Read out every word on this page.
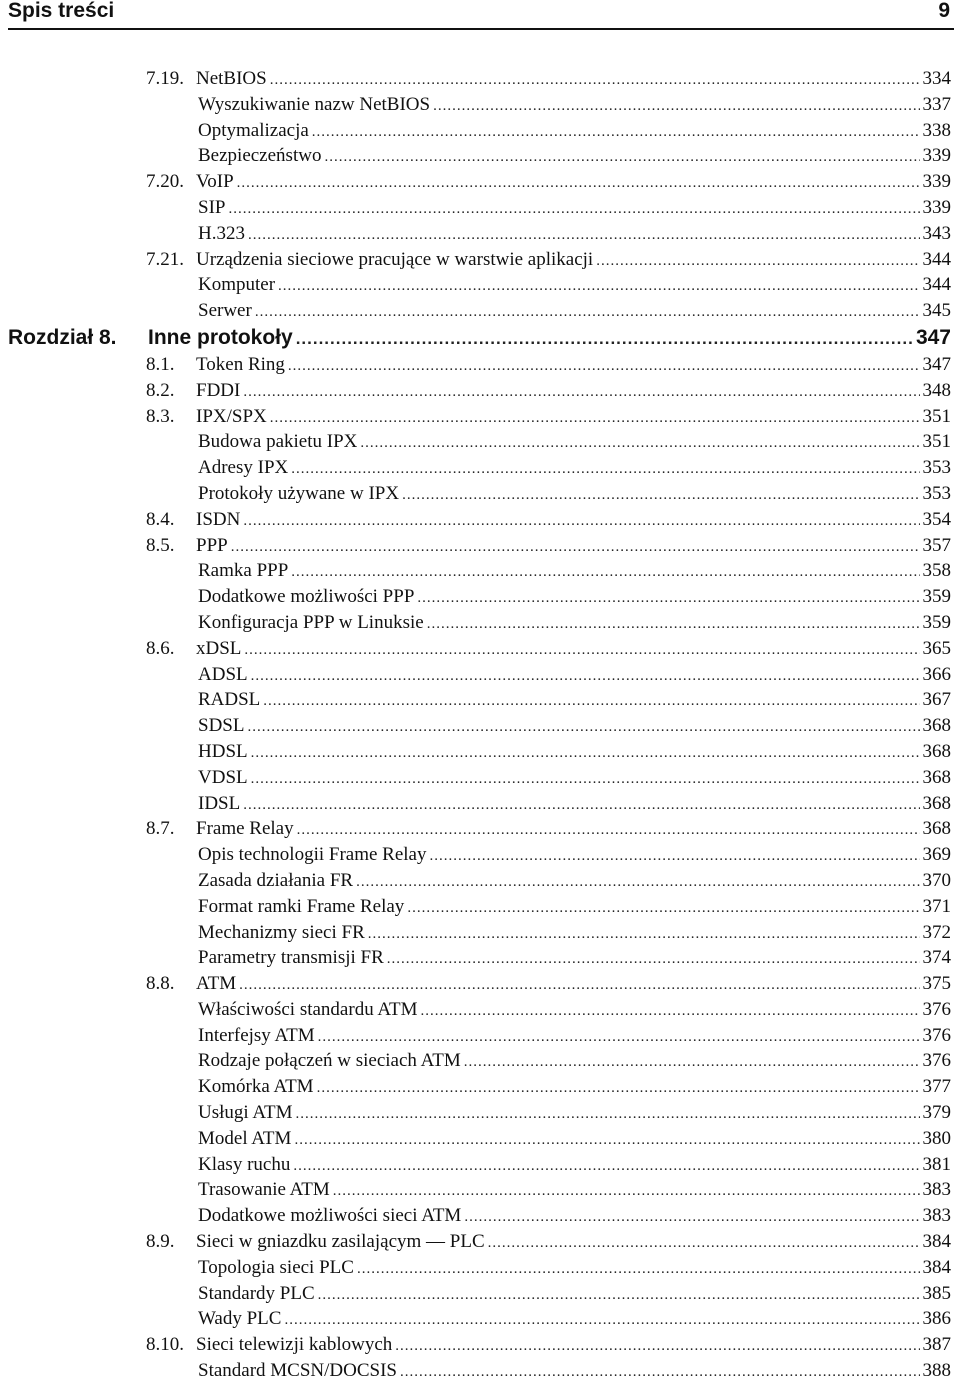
Spis treści	9
7.19. NetBIOS .....	334
Wyszukiwanie nazw NetBIOS .....	337
Optymalizacja .....	338
Bezpieczeństwo .....	339
7.20. VoIP .....	339
SIP .....	339
H.323 .....	343
7.21. Urządzenia sieciowe pracujące w warstwie aplikacji .....	344
Komputer .....	344
Serwer .....	345
Rozdział 8. Inne protokoły .....	347
8.1. Token Ring .....	347
8.2. FDDI .....	348
8.3. IPX/SPX .....	351
Budowa pakietu IPX .....	351
Adresy IPX .....	353
Protokoły używane w IPX .....	353
8.4. ISDN .....	354
8.5. PPP .....	357
Ramka PPP .....	358
Dodatkowe możliwości PPP .....	359
Konfiguracja PPP w Linuksie .....	359
8.6. xDSL .....	365
ADSL .....	366
RADSL .....	367
SDSL .....	368
HDSL .....	368
VDSL .....	368
IDSL .....	368
8.7. Frame Relay .....	368
Opis technologii Frame Relay .....	369
Zasada działania FR .....	370
Format ramki Frame Relay .....	371
Mechanizmy sieci FR .....	372
Parametry transmisji FR .....	374
8.8. ATM .....	375
Właściwości standardu ATM .....	376
Interfejsy ATM .....	376
Rodzaje połączeń w sieciach ATM .....	376
Komórka ATM .....	377
Usługi ATM .....	379
Model ATM .....	380
Klasy ruchu .....	381
Trasowanie ATM .....	383
Dodatkowe możliwości sieci ATM .....	383
8.9. Sieci w gniazdku zasilającym — PLC .....	384
Topologia sieci PLC .....	384
Standardy PLC .....	385
Wady PLC .....	386
8.10. Sieci telewizji kablowych .....	387
Standard MCSN/DOCSIS .....	388
